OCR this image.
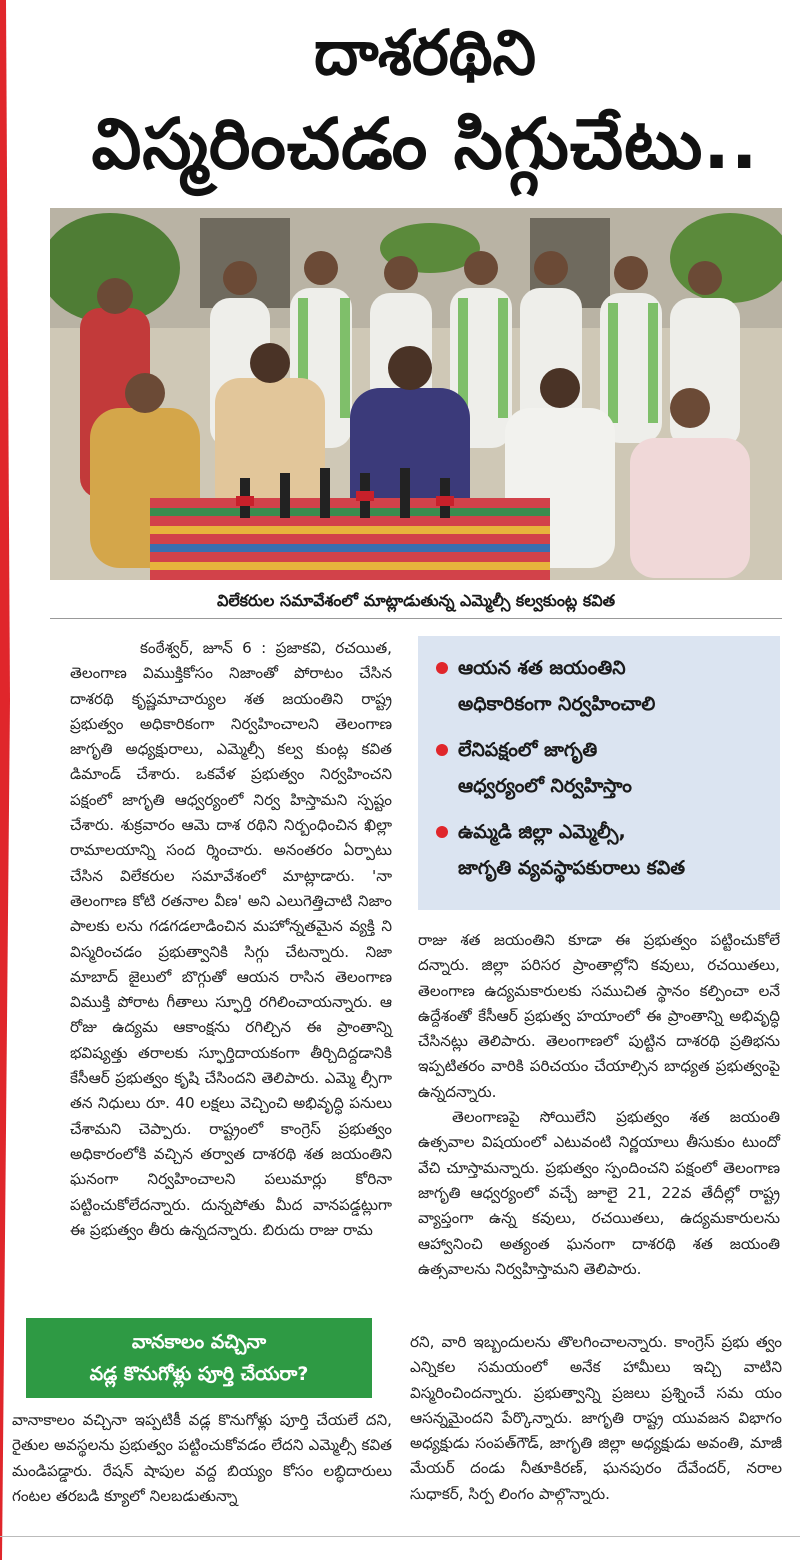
దాశరథిని
విస్మరించడం సిగ్గుచేటు..
విలేకరుల సమావేశంలో మాట్లాడుతున్న ఎమ్మెల్సీ కల్వకుంట్ల కవిత

కంఠేశ్వర్, జూన్ 6 : ప్రజాకవి, రచయిత, తెలంగాణ విముక్తికోసం నిజాంతో పోరాటం చేసిన దాశరథి కృష్ణమాచార్యుల శత జయంతిని రాష్ట్ర ప్రభుత్వం అధికారికంగా నిర్వహించాలని తెలంగాణ జాగృతి అధ్యక్షురాలు, ఎమ్మెల్సీ కల్వ కుంట్ల కవిత డిమాండ్ చేశారు. ఒకవేళ ప్రభుత్వం నిర్వహించని పక్షంలో జాగృతి ఆధ్వర్యంలో నిర్వ హిస్తామని స్పష్టం చేశారు. శుక్రవారం ఆమె దాశ రథిని నిర్బంధించిన ఖిల్లా రామాలయాన్ని సంద ర్శించారు. అనంతరం ఏర్పాటు చేసిన విలేకరుల సమావేశంలో మాట్లాడారు. 'నా తెలంగాణ కోటి రతనాల వీణ' అని ఎలుగెత్తిచాటి నిజాం పాలకు లను గడగడలాడించిన మహోన్నతమైన వ్యక్తి ని విస్మరించడం ప్రభుత్వానికి సిగ్గు చేటన్నారు. నిజా మాబాద్ జైలులో బొగ్గుతో ఆయన రాసిన తెలంగాణ విముక్తి పోరాట గీతాలు స్ఫూర్తి రగిలించాయన్నారు. ఆ రోజు ఉద్యమ ఆకాంక్షను రగిల్చిన ఈ ప్రాంతాన్ని భవిష్యత్తు తరాలకు స్ఫూర్తిదాయకంగా తీర్చిదిద్దడానికి కేసీఆర్ ప్రభుత్వం కృషి చేసిందని తెలిపారు. ఎమ్మె ల్సీగా తన నిధులు రూ. 40 లక్షలు వెచ్చించి అభివృద్ధి పనులు చేశామని చెప్పారు. రాష్ట్రంలో కాంగ్రెస్ ప్రభుత్వం అధికారంలోకి వచ్చిన తర్వాత దాశరథి శత జయంతిని ఘనంగా నిర్వహించాలని పలుమార్లు కోరినా పట్టించుకోలేదన్నారు. దున్నపోతు మీద వానపడ్డట్లుగా ఈ ప్రభుత్వం తీరు ఉన్నదన్నారు. బిరుదు రాజు రామ

ఆయన శత జయంతిని
అధికారికంగా నిర్వహించాలి
లేనిపక్షంలో జాగృతి
ఆధ్వర్యంలో నిర్వహిస్తాం
ఉమ్మడి జిల్లా ఎమ్మెల్సీ,
జాగృతి వ్యవస్థాపకురాలు కవిత

రాజు శత జయంతిని కూడా ఈ ప్రభుత్వం పట్టించుకోలే దన్నారు. జిల్లా పరిసర ప్రాంతాల్లోని కవులు, రచయితలు, తెలంగాణ ఉద్యమకారులకు సముచిత స్థానం కల్పించా లనే ఉద్దేశంతో కేసీఆర్ ప్రభుత్వ హయాంలో ఈ ప్రాంతాన్ని అభివృద్ధి చేసినట్లు తెలిపారు. తెలంగాణలో పుట్టిన దాశరథి ప్రతిభను ఇప్పటితరం వారికి పరిచయం చేయాల్సిన బాధ్యత ప్రభుత్వంపై ఉన్నదన్నారు.

తెలంగాణపై సోయిలేని ప్రభుత్వం శత జయంతి ఉత్సవాల విషయంలో ఎటువంటి నిర్ణయాలు తీసుకుం టుందో వేచి చూస్తామన్నారు. ప్రభుత్వం స్పందించని పక్షంలో తెలంగాణ జాగృతి ఆధ్వర్యంలో వచ్చే జూలై 21, 22వ తేదీల్లో రాష్ట్ర వ్యాప్తంగా ఉన్న కవులు, రచయితలు, ఉద్యమకారులను ఆహ్వానించి అత్యంత ఘనంగా దాశరథి శత జయంతి ఉత్సవాలను నిర్వహిస్తామని తెలిపారు.

వానకాలం వచ్చినా
వడ్ల కొనుగోళ్లు పూర్తి చేయరా?

వానాకాలం వచ్చినా ఇప్పటికీ వడ్ల కొనుగోళ్లు పూర్తి చేయలే దని, రైతుల అవస్థలను ప్రభుత్వం పట్టించుకోవడం లేదని ఎమ్మెల్సీ కవిత మండిపడ్డారు. రేషన్ షాపుల వద్ద బియ్యం కోసం లబ్ధిదారులు గంటల తరబడి క్యూలో నిలబడుతున్నా

రని, వారి ఇబ్బందులను తొలగించాలన్నారు. కాంగ్రెస్ ప్రభు త్వం ఎన్నికల సమయంలో అనేక హామీలు ఇచ్చి వాటిని విస్మరించిందన్నారు. ప్రభుత్వాన్ని ప్రజలు ప్రశ్నించే సమ యం ఆసన్నమైందని పేర్కొన్నారు. జాగృతి రాష్ట్ర యువజన విభాగం అధ్యక్షుడు సంపత్‌గౌడ్, జాగృతి జిల్లా అధ్యక్షుడు అవంతి, మాజీ మేయర్ దండు నీతూకిరణ్, ఘనపురం దేవేందర్, నరాల సుధాకర్, సిర్ప లింగం పాల్గొన్నారు.
